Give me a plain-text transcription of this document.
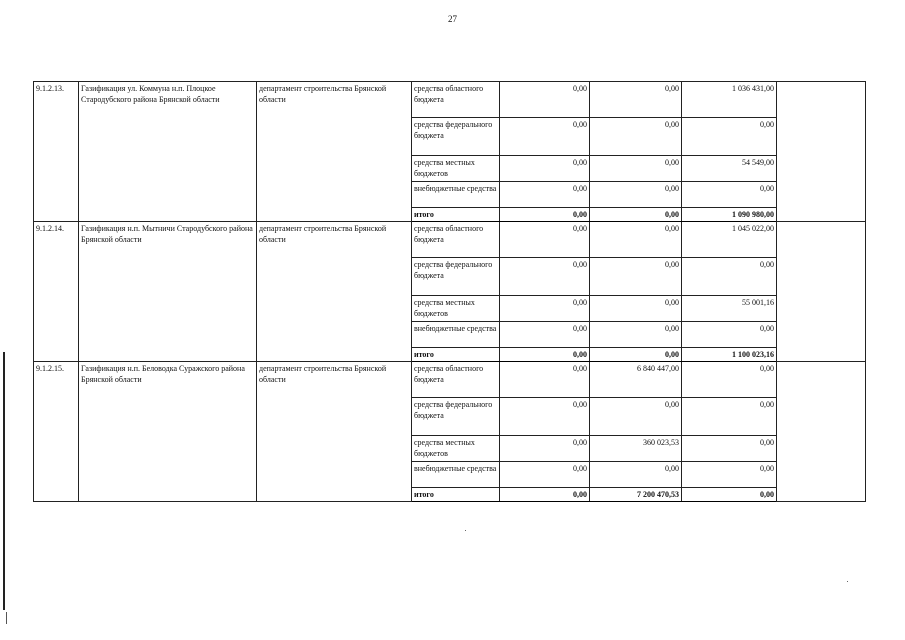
27
9.1.2.13.	Газификация ул. Коммуна н.п. Плоцкое Стародубского района Брянской области	департамент строительства Брянской области	средства областного бюджета	0,00	0,00	1 036 431,00	
			средства федерального бюджета	0,00	0,00	0,00	
			средства местных бюджетов	0,00	0,00	54 549,00	
			внебюджетные средства	0,00	0,00	0,00	
			итого	0,00	0,00	1 090 980,00	
9.1.2.14.	Газификация н.п. Мытничи Стародубского района Брянской области	департамент строительства Брянской области	средства областного бюджета	0,00	0,00	1 045 022,00	
			средства федерального бюджета	0,00	0,00	0,00	
			средства местных бюджетов	0,00	0,00	55 001,16	
			внебюджетные средства	0,00	0,00	0,00	
			итого	0,00	0,00	1 100 023,16	
9.1.2.15.	Газификация н.п. Беловодка Суражского района Брянской области	департамент строительства Брянской области	средства областного бюджета	0,00	6 840 447,00	0,00	
			средства федерального бюджета	0,00	0,00	0,00	
			средства местных бюджетов	0,00	360 023,53	0,00	
			внебюджетные средства	0,00	0,00	0,00	
			итого	0,00	7 200 470,53	0,00	
